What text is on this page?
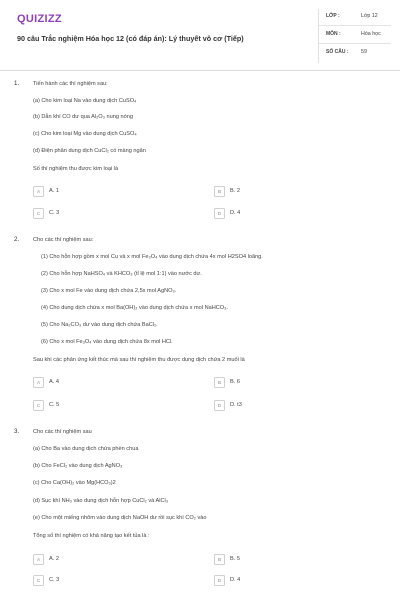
QUIZIZZ
90 câu Trắc nghiệm Hóa học 12 (có đáp án): Lý thuyết vô cơ (Tiếp)
LỚP :	Lớp 12
MÔN :	Hóa học
SỐ CÂU : 59
1. Tiến hành các thí nghiệm sau:
(a) Cho kim loại Na vào dung dịch CuSO₄
(b) Dẫn khí CO dư qua Al₂O₃ nung nóng
(c) Cho kim loại Mg vào dung dịch CuSO₄
(d) Điện phân dung dịch CuCl₂ có màng ngăn
Số thí nghiệm thu được kim loại là
A	A. 1	B	B. 2
C	C. 3	D	D. 4
2. Cho các thí nghiệm sau:
(1) Cho hỗn hợp gồm x mol Cu và x mol Fe₃O₄ vào dung dịch chứa 4x mol H2SO4 loãng.
(2) Cho hỗn hợp NaHSO₄ và KHCO₃ (tỉ lệ mol 1:1) vào nước dư.
(3) Cho x mol Fe vào dung dịch chứa 2,5x mol AgNO₃.
(4) Cho dung dịch chứa x mol Ba(OH)₂ vào dung dịch chứa x mol NaHCO₃.
(5) Cho Na₂CO₃ dư vào dung dịch chứa BaCl₂.
(6) Cho x mol Fe₃O₄ vào dung dịch chứa 8x mol HCl.
Sau khi các phản ứng kết thúc mà sau thí nghiệm thu được dung dịch chứa 2 muối là
A	A. 4	B	B. 6
C	C. 5	D	D. t3
3. Cho các thí nghiệm sau
(a) Cho Ba vào dung dịch chứa phèn chua
(b) Cho FeCl₂ vào dung dịch AgNO₃
(c) Cho Ca(OH)₂ vào Mg(HCO₃)2
(d) Sục khí NH₃ vào dung dịch hỗn hợp CuCl₂ và AlCl₃
(e) Cho một miếng nhôm vào dung dịch NaOH dư rồi sục khí CO₂ vào
Tổng số thí nghiệm có khả năng tạo kết tủa là :
A	A. 2	B	B. 5
C	C. 3	D	D. 4
